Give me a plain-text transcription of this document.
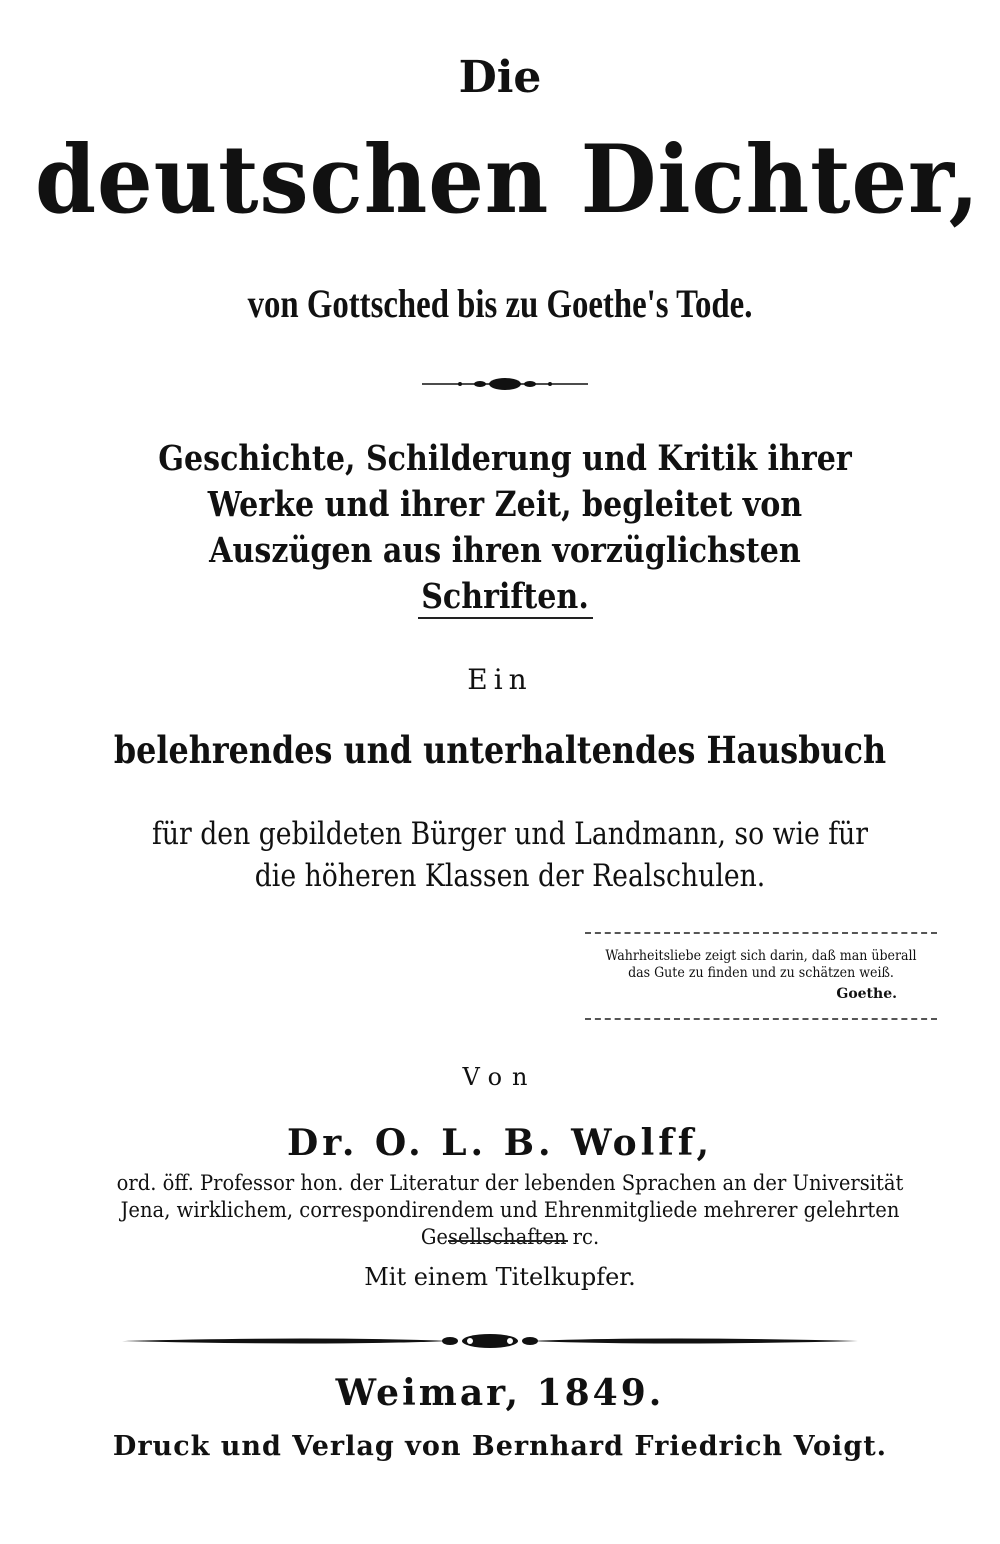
Die
deutschen Dichter,
von Gottsched bis zu Goethe's Tode.
Geschichte, Schilderung und Kritik ihrer Werke und ihrer Zeit, begleitet von Auszügen aus ihren vorzüglichsten Schriften.
Ein
belehrendes und unterhaltendes Hausbuch
für den gebildeten Bürger und Landmann, so wie für die höheren Klassen der Realschulen.
Wahrheitsliebe zeigt sich darin, daß man überall das Gute zu finden und zu schätzen weiß.
Goethe.
Von
Dr. O. L. B. Wolff,
ord. öff. Professor hon. der Literatur der lebenden Sprachen an der Universität Jena, wirklichem, correspondirendem und Ehrenmitgliede mehrerer gelehrten Gesellschaften rc.
Mit einem Titelkupfer.
Weimar, 1849.
Druck und Verlag von Bernhard Friedrich Voigt.
